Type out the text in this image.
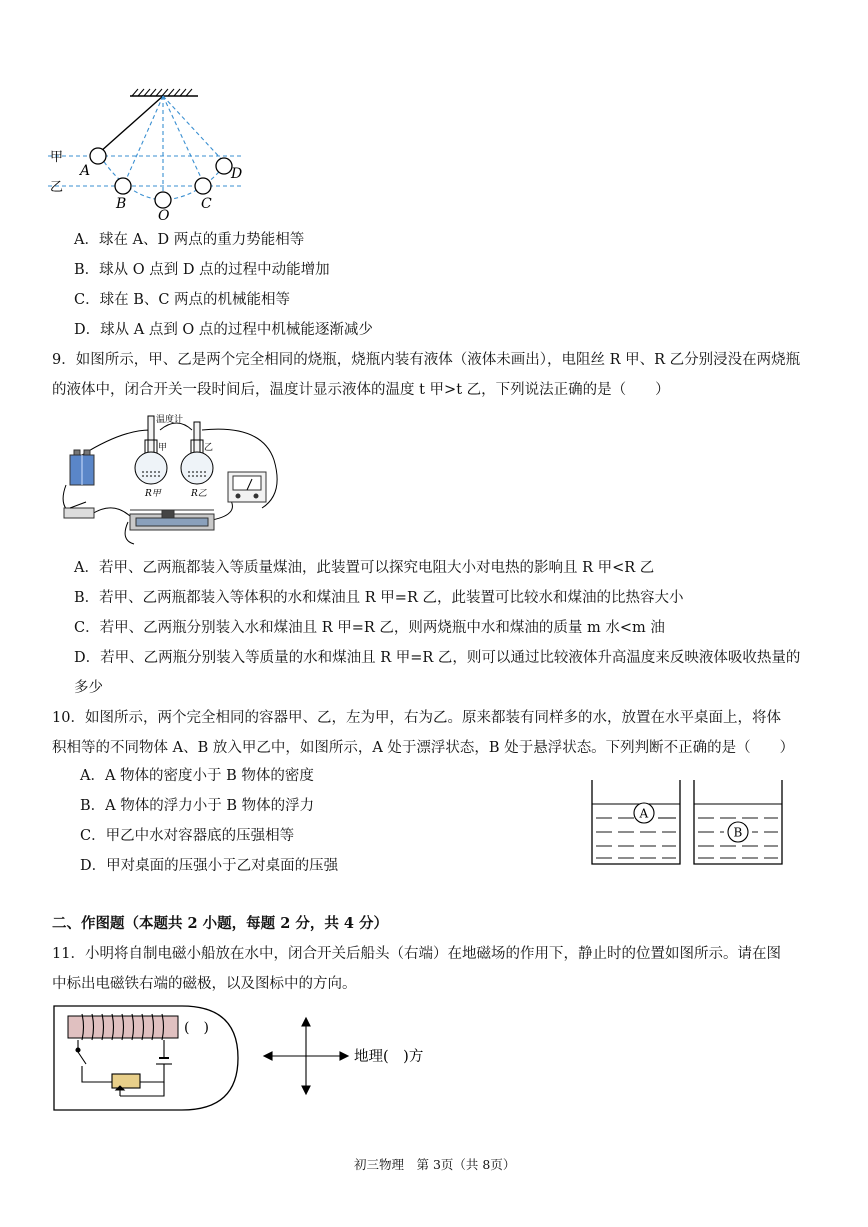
甲
乙
A
B
O
C
D
A．球在 A、D 两点的重力势能相等
B．球从 O 点到 D 点的过程中动能增加
C．球在 B、C 两点的机械能相等
D．球从 A 点到 O 点的过程中机械能逐渐减少
9．如图所示，甲、乙是两个完全相同的烧瓶，烧瓶内装有液体（液体未画出），电阻丝 R 甲、R 乙分别浸没在两烧瓶
的液体中，闭合开关一段时间后，温度计显示液体的温度 t 甲>t 乙，下列说法正确的是（　　）
温度计
甲	乙
R甲	R乙
A．若甲、乙两瓶都装入等质量煤油，此装置可以探究电阻大小对电热的影响且 R 甲<R 乙
B．若甲、乙两瓶都装入等体积的水和煤油且 R 甲=R 乙，此装置可比较水和煤油的比热容大小
C．若甲、乙两瓶分别装入水和煤油且 R 甲=R 乙，则两烧瓶中水和煤油的质量 m 水<m 油
D．若甲、乙两瓶分别装入等质量的水和煤油且 R 甲=R 乙，则可以通过比较液体升高温度来反映液体吸收热量的
多少
10．如图所示，两个完全相同的容器甲、乙，左为甲，右为乙。原来都装有同样多的水，放置在水平桌面上，将体
积相等的不同物体 A、B 放入甲乙中，如图所示，A 处于漂浮状态，B 处于悬浮状态。下列判断不正确的是（　　）
A．A 物体的密度小于 B 物体的密度
B．A 物体的浮力小于 B 物体的浮力
C．甲乙中水对容器底的压强相等
D．甲对桌面的压强小于乙对桌面的压强
A
B
二、作图题（本题共 2 小题，每题 2 分，共 4 分）
11．小明将自制电磁小船放在水中，闭合开关后船头（右端）在地磁场的作用下，静止时的位置如图所示。请在图
中标出电磁铁右端的磁极，以及图标中的方向。
(　)
地理(　)方
初三物理　第 3页（共 8页）
